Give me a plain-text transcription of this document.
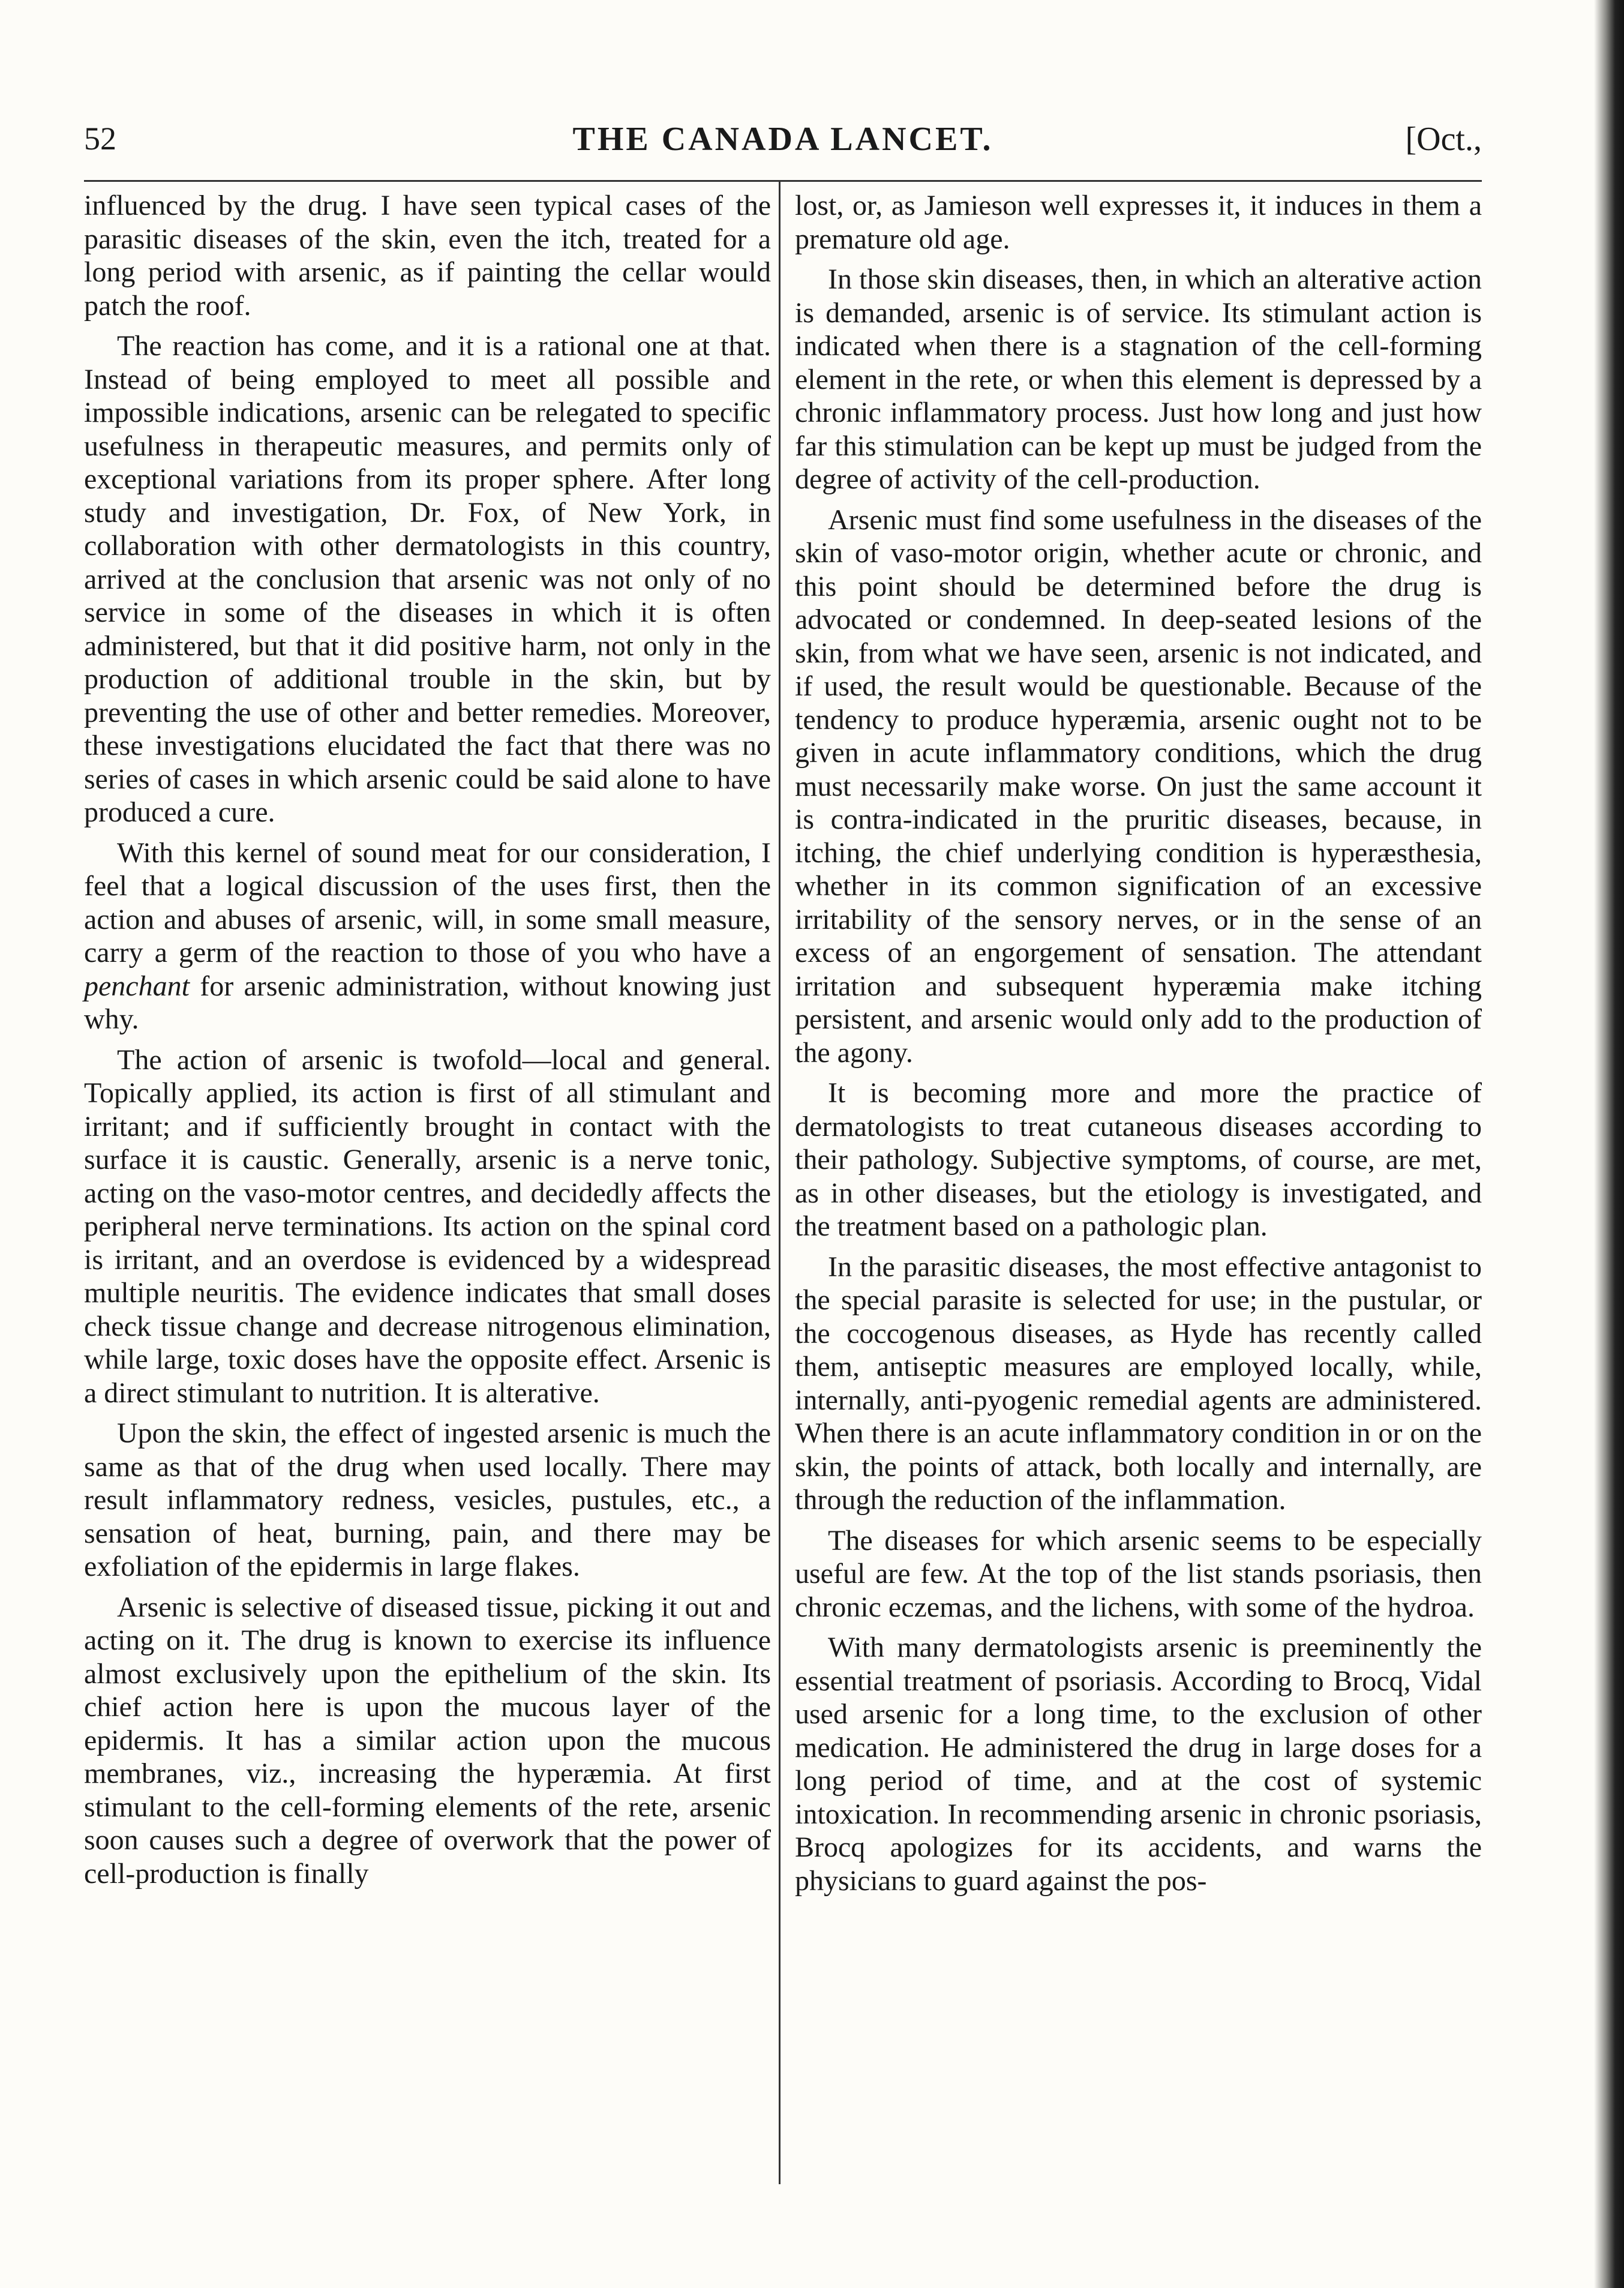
52	THE CANADA LANCET.	[Oct.,

influenced by the drug. I have seen typical cases of the parasitic diseases of the skin, even the itch, treated for a long period with arsenic, as if painting the cellar would patch the roof.

The reaction has come, and it is a rational one at that. Instead of being employed to meet all possible and impossible indications, arsenic can be relegated to specific usefulness in therapeutic measures, and permits only of exceptional variations from its proper sphere. After long study and investigation, Dr. Fox, of New York, in collaboration with other dermatologists in this country, arrived at the conclusion that arsenic was not only of no service in some of the diseases in which it is often administered, but that it did positive harm, not only in the production of additional trouble in the skin, but by preventing the use of other and better remedies. Moreover, these investigations elucidated the fact that there was no series of cases in which arsenic could be said alone to have produced a cure.

With this kernel of sound meat for our consideration, I feel that a logical discussion of the uses first, then the action and abuses of arsenic, will, in some small measure, carry a germ of the reaction to those of you who have a penchant for arsenic administration, without knowing just why.

The action of arsenic is twofold—local and general. Topically applied, its action is first of all stimulant and irritant; and if sufficiently brought in contact with the surface it is caustic. Generally, arsenic is a nerve tonic, acting on the vaso-motor centres, and decidedly affects the peripheral nerve terminations. Its action on the spinal cord is irritant, and an overdose is evidenced by a widespread multiple neuritis. The evidence indicates that small doses check tissue change and decrease nitrogenous elimination, while large, toxic doses have the opposite effect. Arsenic is a direct stimulant to nutrition. It is alterative.

Upon the skin, the effect of ingested arsenic is much the same as that of the drug when used locally. There may result inflammatory redness, vesicles, pustules, etc., a sensation of heat, burning, pain, and there may be exfoliation of the epidermis in large flakes.

Arsenic is selective of diseased tissue, picking it out and acting on it. The drug is known to exercise its influence almost exclusively upon the epithelium of the skin. Its chief action here is upon the mucous layer of the epidermis. It has a similar action upon the mucous membranes, viz., increasing the hyperæmia. At first stimulant to the cell-forming elements of the rete, arsenic soon causes such a degree of overwork that the power of cell-production is finally

lost, or, as Jamieson well expresses it, it induces in them a premature old age.

In those skin diseases, then, in which an alterative action is demanded, arsenic is of service. Its stimulant action is indicated when there is a stagnation of the cell-forming element in the rete, or when this element is depressed by a chronic inflammatory process. Just how long and just how far this stimulation can be kept up must be judged from the degree of activity of the cell-production.

Arsenic must find some usefulness in the diseases of the skin of vaso-motor origin, whether acute or chronic, and this point should be determined before the drug is advocated or condemned. In deep-seated lesions of the skin, from what we have seen, arsenic is not indicated, and if used, the result would be questionable. Because of the tendency to produce hyperæmia, arsenic ought not to be given in acute inflammatory conditions, which the drug must necessarily make worse. On just the same account it is contra-indicated in the pruritic diseases, because, in itching, the chief underlying condition is hyperæsthesia, whether in its common signification of an excessive irritability of the sensory nerves, or in the sense of an excess of an engorgement of sensation. The attendant irritation and subsequent hyperæmia make itching persistent, and arsenic would only add to the production of the agony.

It is becoming more and more the practice of dermatologists to treat cutaneous diseases according to their pathology. Subjective symptoms, of course, are met, as in other diseases, but the etiology is investigated, and the treatment based on a pathologic plan.

In the parasitic diseases, the most effective antagonist to the special parasite is selected for use; in the pustular, or the coccogenous diseases, as Hyde has recently called them, antiseptic measures are employed locally, while, internally, anti-pyogenic remedial agents are administered. When there is an acute inflammatory condition in or on the skin, the points of attack, both locally and internally, are through the reduction of the inflammation.

The diseases for which arsenic seems to be especially useful are few. At the top of the list stands psoriasis, then chronic eczemas, and the lichens, with some of the hydroa.

With many dermatologists arsenic is preeminently the essential treatment of psoriasis. According to Brocq, Vidal used arsenic for a long time, to the exclusion of other medication. He administered the drug in large doses for a long period of time, and at the cost of systemic intoxication. In recommending arsenic in chronic psoriasis, Brocq apologizes for its accidents, and warns the physicians to guard against the pos-
